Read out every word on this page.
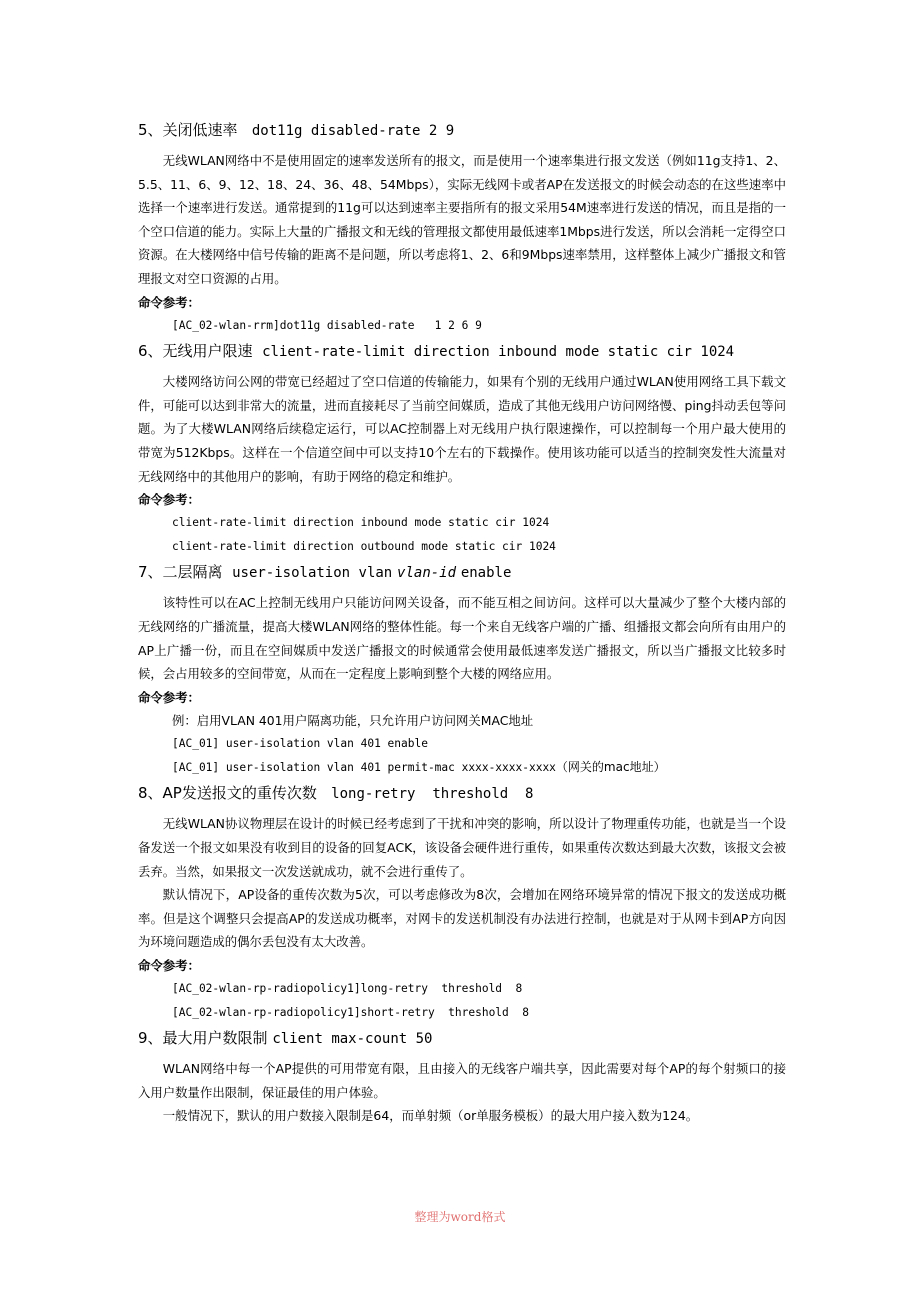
5、关闭低速率 dot11g disabled-rate 2 9

无线WLAN网络中不是使用固定的速率发送所有的报文，而是使用一个速率集进行报文发送（例如11g支持1、2、5.5、11、6、9、12、18、24、36、48、54Mbps），实际无线网卡或者AP在发送报文的时候会动态的在这些速率中选择一个速率进行发送。通常提到的11g可以达到速率主要指所有的报文采用54M速率进行发送的情况，而且是指的一个空口信道的能力。实际上大量的广播报文和无线的管理报文都使用最低速率1Mbps进行发送，所以会消耗一定得空口资源。在大楼网络中信号传输的距离不是问题，所以考虑将1、2、6和9Mbps速率禁用，这样整体上减少广播报文和管理报文对空口资源的占用。

命令参考：

[AC_02-wlan-rrm]dot11g disabled-rate   1 2 6 9

6、无线用户限速 client-rate-limit direction inbound mode static cir 1024

大楼网络访问公网的带宽已经超过了空口信道的传输能力，如果有个别的无线用户通过WLAN使用网络工具下载文件，可能可以达到非常大的流量，进而直接耗尽了当前空间媒质，造成了其他无线用户访问网络慢、ping抖动丢包等问题。为了大楼WLAN网络后续稳定运行，可以AC控制器上对无线用户执行限速操作，可以控制每一个用户最大使用的带宽为512Kbps。这样在一个信道空间中可以支持10个左右的下载操作。使用该功能可以适当的控制突发性大流量对无线网络中的其他用户的影响，有助于网络的稳定和维护。

命令参考：

client-rate-limit direction inbound mode static cir 1024

client-rate-limit direction outbound mode static cir 1024

7、二层隔离 user-isolation vlan vlan-id enable

该特性可以在AC上控制无线用户只能访问网关设备，而不能互相之间访问。这样可以大量减少了整个大楼内部的无线网络的广播流量，提高大楼WLAN网络的整体性能。每一个来自无线客户端的广播、组播报文都会向所有由用户的AP上广播一份，而且在空间媒质中发送广播报文的时候通常会使用最低速率发送广播报文，所以当广播报文比较多时候，会占用较多的空间带宽，从而在一定程度上影响到整个大楼的网络应用。

命令参考：

例：启用VLAN 401用户隔离功能，只允许用户访问网关MAC地址

[AC_01] user-isolation vlan 401 enable

[AC_01] user-isolation vlan 401 permit-mac xxxx-xxxx-xxxx（网关的mac地址）

8、AP发送报文的重传次数 long-retry  threshold  8

无线WLAN协议物理层在设计的时候已经考虑到了干扰和冲突的影响，所以设计了物理重传功能，也就是当一个设备发送一个报文如果没有收到目的设备的回复ACK，该设备会硬件进行重传，如果重传次数达到最大次数，该报文会被丢弃。当然，如果报文一次发送就成功，就不会进行重传了。

默认情况下，AP设备的重传次数为5次，可以考虑修改为8次，会增加在网络环境异常的情况下报文的发送成功概率。但是这个调整只会提高AP的发送成功概率，对网卡的发送机制没有办法进行控制，也就是对于从网卡到AP方向因为环境问题造成的偶尔丢包没有太大改善。

命令参考：

[AC_02-wlan-rp-radiopolicy1]long-retry  threshold  8

[AC_02-wlan-rp-radiopolicy1]short-retry  threshold  8

9、最大用户数限制 client max-count 50

WLAN网络中每一个AP提供的可用带宽有限，且由接入的无线客户端共享，因此需要对每个AP的每个射频口的接入用户数量作出限制，保证最佳的用户体验。

一般情况下，默认的用户数接入限制是64，而单射频（or单服务模板）的最大用户接入数为124。

整理为word格式
